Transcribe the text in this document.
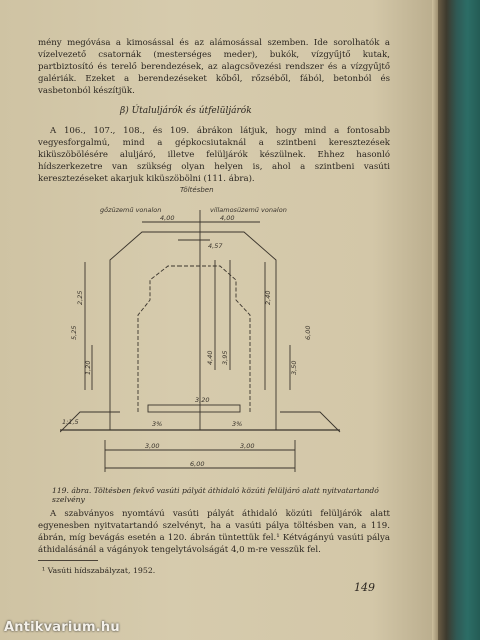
mény megóvása a kimosással és az alámosással szemben. Ide sorolhatók a vízelvezető csatornák (mesterséges meder), bukók, vízgyűjtő kutak, partbiztosító és terelő berendezések, az alagcsövezési rendszer és a vízgyűjtő galériák. Ezeket a berendezéseket kőből, rőzséből, fából, betonból és vasbetonból készítjük.

β) Útaluljárók és útfelüljárók

A 106., 107., 108., és 109. ábrákon látjuk, hogy mind a fontosabb vegyesforgalmú, mind a gépkocsiutaknál a szintbeni keresztezések kiküszöbölésére aluljáró, illetve felüljárók készülnek. Ehhez hasonló hídszerkezetre van szükség olyan helyen is, ahol a szintbeni vasúti keresztezéseket akarjuk kiküszöbölni (111. ábra).

Töltésben
gőzüzemű vonalon	villamosüzemű vonalon
4,00	4,00
4,57
2,25
5,25
1,20
4,40 3,95
3,50
2,40
6,00
3,20
1:1,5	3%	3%
3,00	3,00
6,00
119. ábra. Töltésben fekvő vasúti pályát áthidaló közúti felüljáró alatt nyitvatartandó szelvény

A szabványos nyomtávú vasúti pályát áthidaló közúti felüljárók alatt egyenesben nyitvatartandó szelvényt, ha a vasúti pálya töltésben van, a 119. ábrán, míg bevágás esetén a 120. ábrán tüntettük fel.¹ Kétvágányú vasúti pálya áthidalásánál a vágányok tengelytávolságát 4,0 m-re vesszük fel.

¹ Vasúti hídszabályzat, 1952.
149
Antikvarium.hu
